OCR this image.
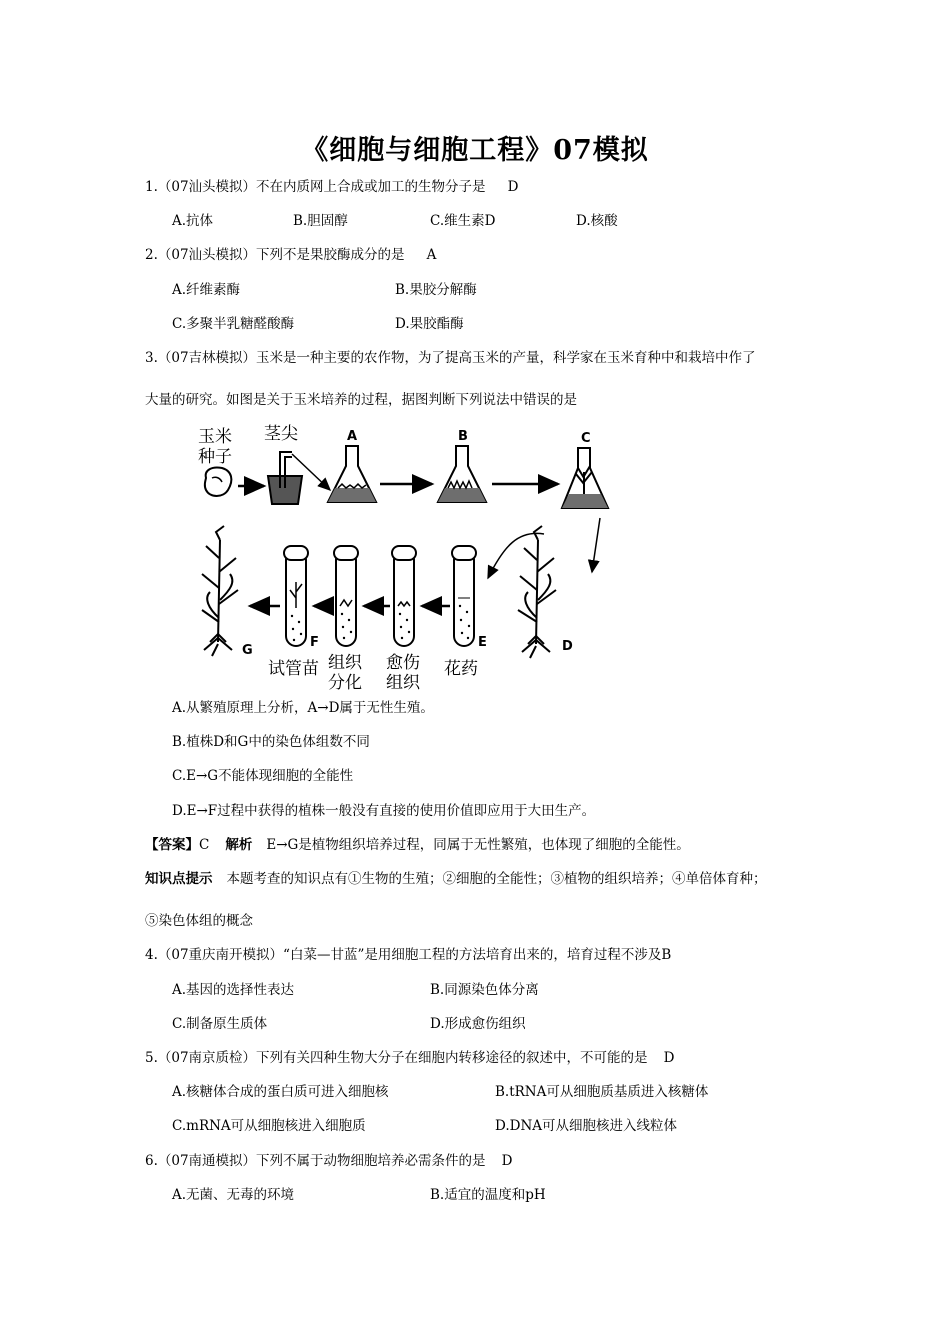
《细胞与细胞工程》07模拟
1.（07汕头模拟）不在内质网上合成或加工的生物分子是 D
A.抗体	B.胆固醇	C.维生素D	D.核酸
2.（07汕头模拟）下列不是果胶酶成分的是 A
A.纤维素酶	B.果胶分解酶
C.多聚半乳糖醛酸酶	D.果胶酯酶
3.（07吉林模拟）玉米是一种主要的农作物，为了提高玉米的产量，科学家在玉米育种中和栽培中作了
大量的研究。如图是关于玉米培养的过程，据图判断下列说法中错误的是
玉米
种子
茎尖	A	B	C
D
E
F
G
试管苗 组织
分化
愈伤
组织
花药
A.从繁殖原理上分析，A→D属于无性生殖。
B.植株D和G中的染色体组数不同
C.E→G不能体现细胞的全能性
D.E→F过程中获得的植株一般没有直接的使用价值即应用于大田生产。
【答案】C 解析 E→G是植物组织培养过程，同属于无性繁殖，也体现了细胞的全能性。
知识点提示 本题考查的知识点有①生物的生殖；②细胞的全能性；③植物的组织培养；④单倍体育种；
⑤染色体组的概念
4.（07重庆南开模拟）“白菜—甘蓝”是用细胞工程的方法培育出来的，培育过程不涉及B
A.基因的选择性表达	B.同源染色体分离
C.制备原生质体	D.形成愈伤组织
5.（07南京质检）下列有关四种生物大分子在细胞内转移途径的叙述中，不可能的是 D
A.核糖体合成的蛋白质可进入细胞核	B.tRNA可从细胞质基质进入核糖体
C.mRNA可从细胞核进入细胞质	D.DNA可从细胞核进入线粒体
6.（07南通模拟）下列不属于动物细胞培养必需条件的是 D
A.无菌、无毒的环境	B.适宜的温度和pH
